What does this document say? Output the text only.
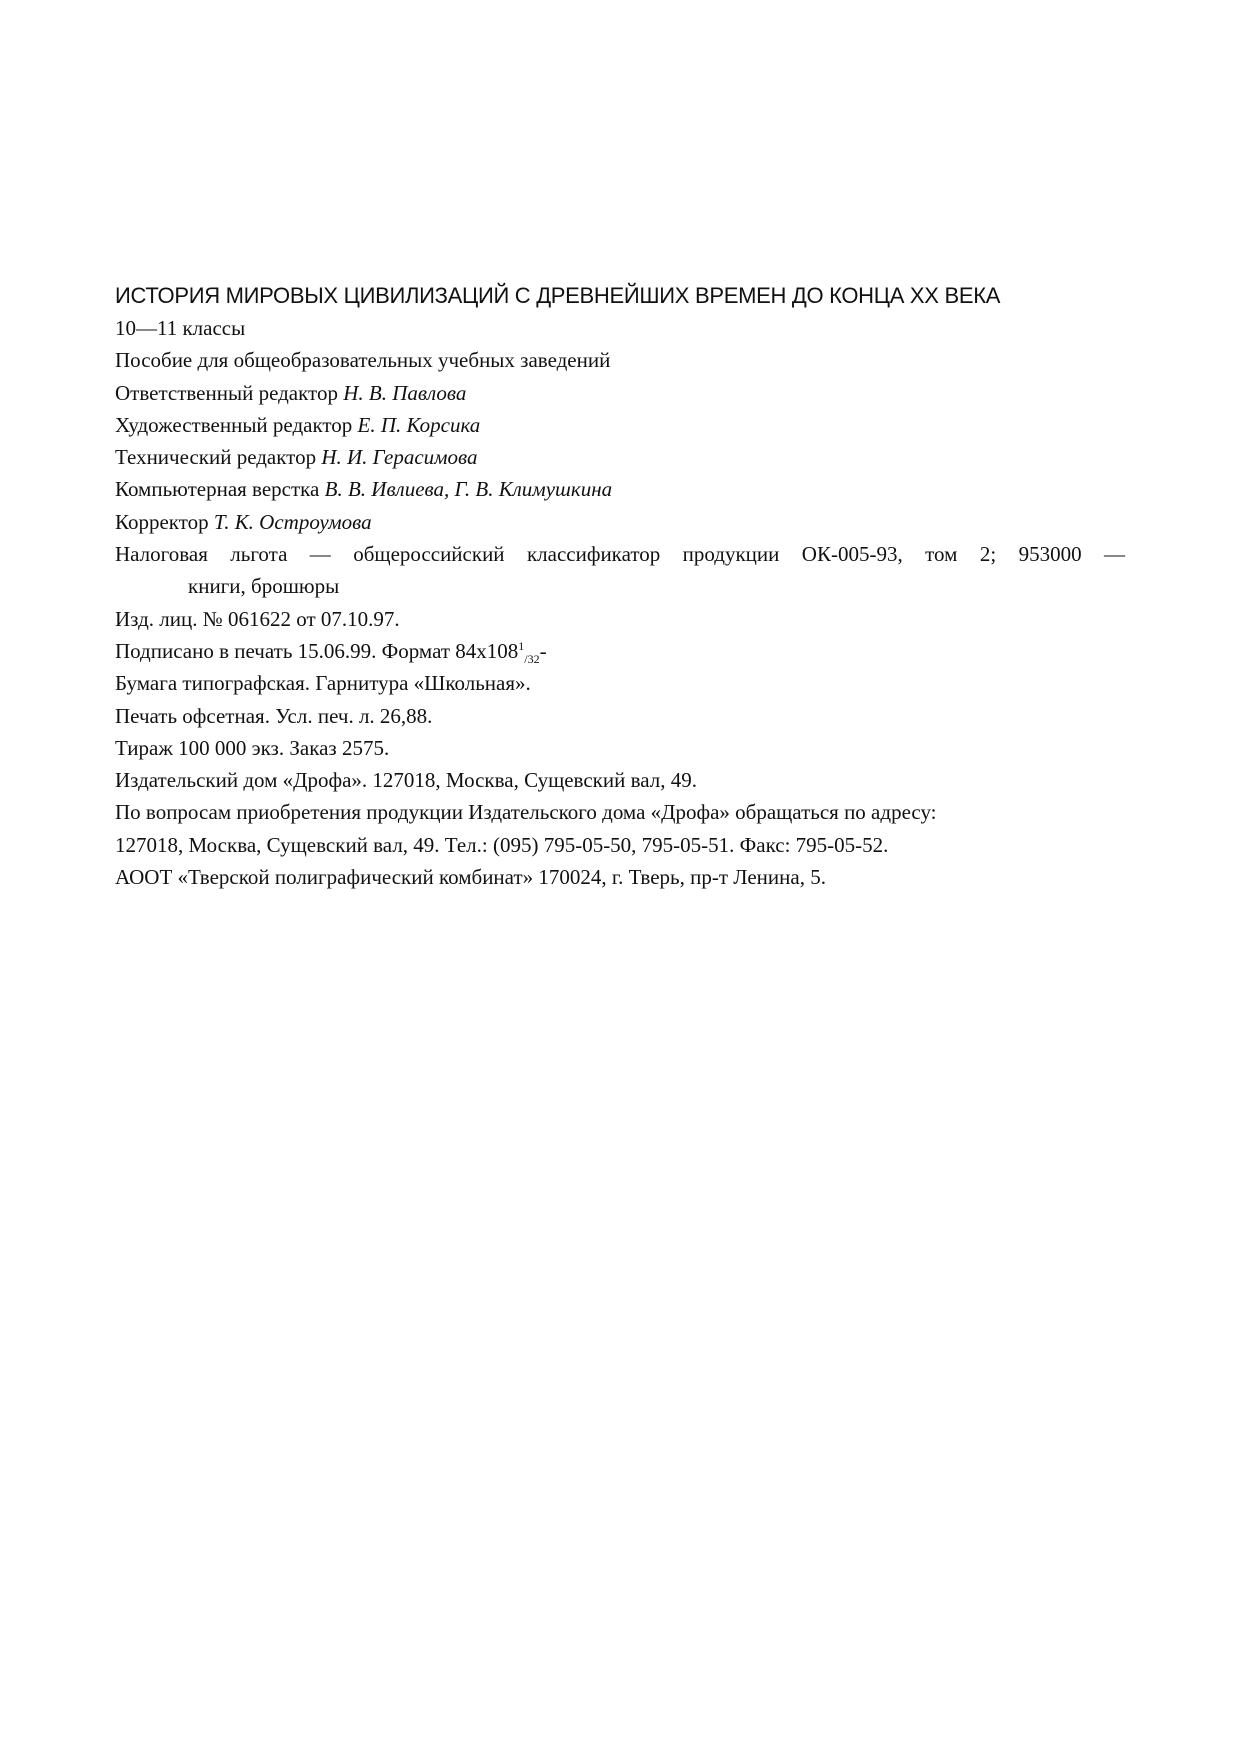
ИСТОРИЯ МИРОВЫХ ЦИВИЛИЗАЦИЙ С ДРЕВНЕЙШИХ ВРЕМЕН ДО КОНЦА XX ВЕКА
10—11 классы
Пособие для общеобразовательных учебных заведений
Ответственный редактор Н. В. Павлова
Художественный редактор Е. П. Корсика
Технический редактор Н. И. Герасимова
Компьютерная верстка В. В. Ивлиева, Г. В. Климушкина
Корректор Т. К. Остроумова
Налоговая льгота — общероссийский классификатор продукции ОК-005-93, том 2; 953000 —
книги, брошюры
Изд. лиц. № 061622 от 07.10.97.
Подписано в печать 15.06.99. Формат $84x108^1_{/32}-$
Бумага типографская. Гарнитура «Школьная».
Печать офсетная. Усл. печ. л. 26,88.
Тираж 100 000 экз. Заказ 2575.
Издательский дом «Дрофа». 127018, Москва, Сущевский вал, 49.
По вопросам приобретения продукции Издательского дома «Дрофа» обращаться по адресу:
127018, Москва, Сущевский вал, 49. Тел.: (095) 795-05-50, 795-05-51. Факс: 795-05-52.
АООТ «Тверской полиграфический комбинат» 170024, г. Тверь, пр-т Ленина, 5.
